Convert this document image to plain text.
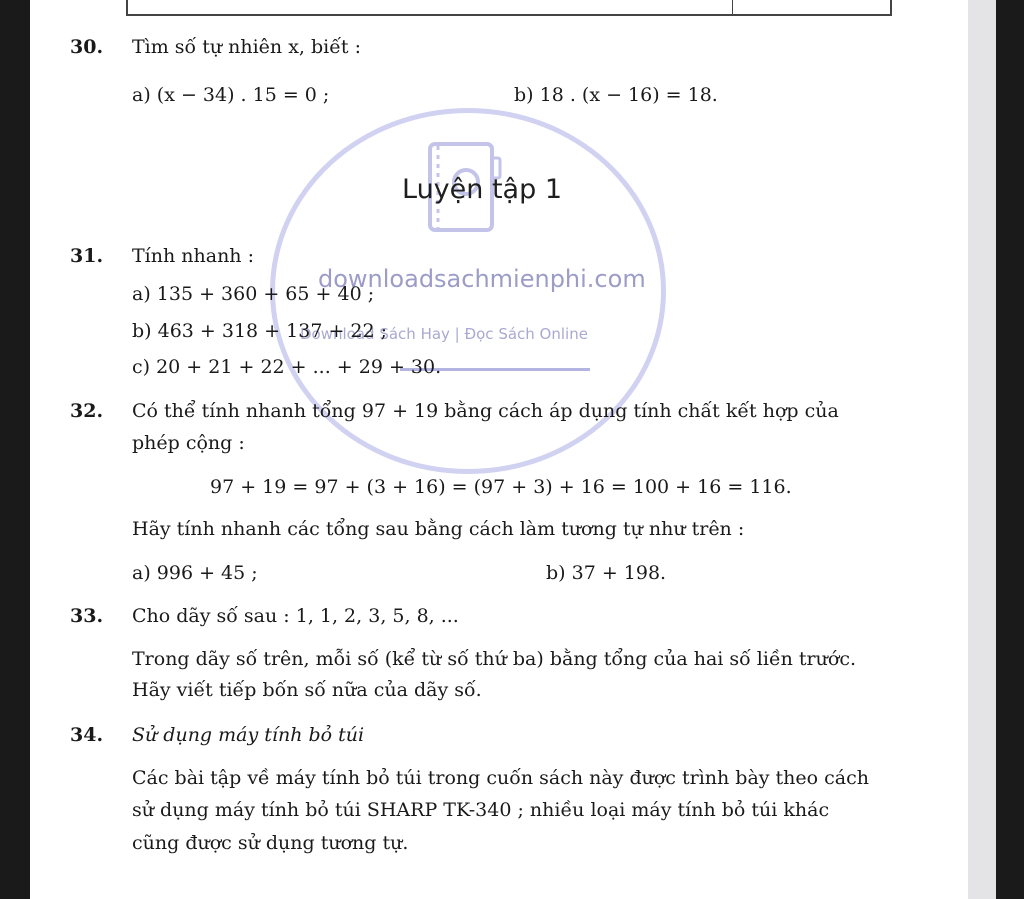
Luyện tập 1
downloadsachmienphi.com
Download Sách Hay | Đọc Sách Online
30. Tìm số tự nhiên x, biết :
a) (x − 34) . 15 = 0 ;	b) 18 . (x − 16) = 18.
31. Tính nhanh :
a) 135 + 360 + 65 + 40 ;
b) 463 + 318 + 137 + 22 ;
c) 20 + 21 + 22 + ... + 29 + 30.
32. Có thể tính nhanh tổng 97 + 19 bằng cách áp dụng tính chất kết hợp của
phép cộng :
97 + 19 = 97 + (3 + 16) = (97 + 3) + 16 = 100 + 16 = 116.
Hãy tính nhanh các tổng sau bằng cách làm tương tự như trên :
a) 996 + 45 ;	b) 37 + 198.
33. Cho dãy số sau : 1, 1, 2, 3, 5, 8, ...
Trong dãy số trên, mỗi số (kể từ số thứ ba) bằng tổng của hai số liền trước.
Hãy viết tiếp bốn số nữa của dãy số.
34. Sử dụng máy tính bỏ túi
Các bài tập về máy tính bỏ túi trong cuốn sách này được trình bày theo cách
sử dụng máy tính bỏ túi SHARP TK-340 ; nhiều loại máy tính bỏ túi khác
cũng được sử dụng tương tự.
